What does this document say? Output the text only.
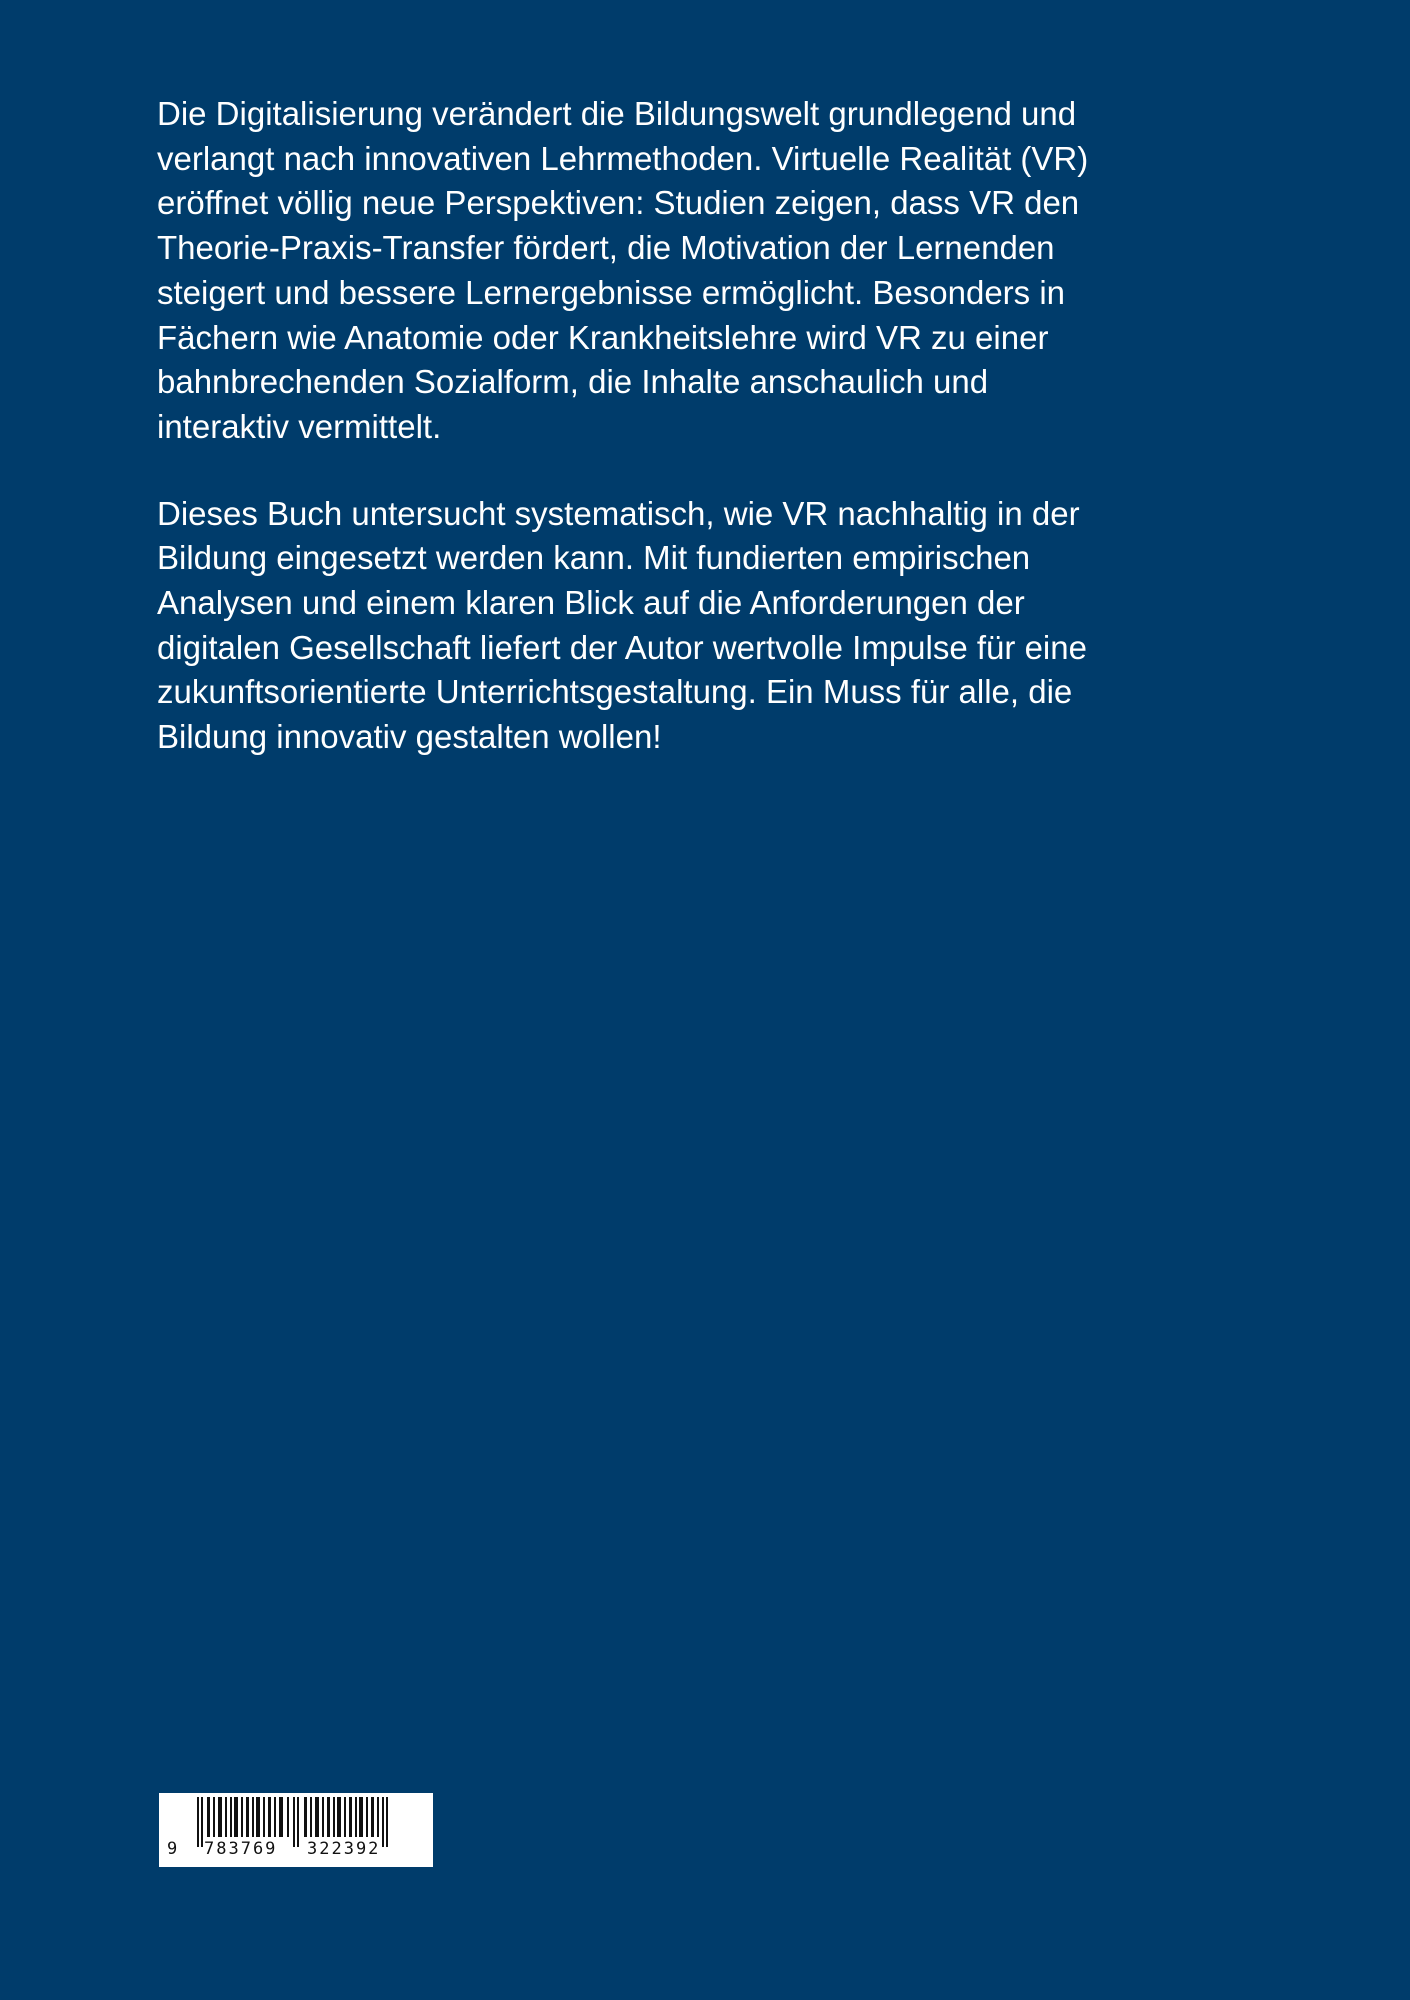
Die Digitalisierung verändert die Bildungswelt grundlegend und
verlangt nach innovativen Lehrmethoden. Virtuelle Realität (VR)
eröffnet völlig neue Perspektiven: Studien zeigen, dass VR den
Theorie-Praxis-Transfer fördert, die Motivation der Lernenden
steigert und bessere Lernergebnisse ermöglicht. Besonders in
Fächern wie Anatomie oder Krankheitslehre wird VR zu einer
bahnbrechenden Sozialform, die Inhalte anschaulich und
interaktiv vermittelt.

Dieses Buch untersucht systematisch, wie VR nachhaltig in der
Bildung eingesetzt werden kann. Mit fundierten empirischen
Analysen und einem klaren Blick auf die Anforderungen der
digitalen Gesellschaft liefert der Autor wertvolle Impulse für eine
zukunftsorientierte Unterrichtsgestaltung. Ein Muss für alle, die
Bildung innovativ gestalten wollen!

9 783769 322392
